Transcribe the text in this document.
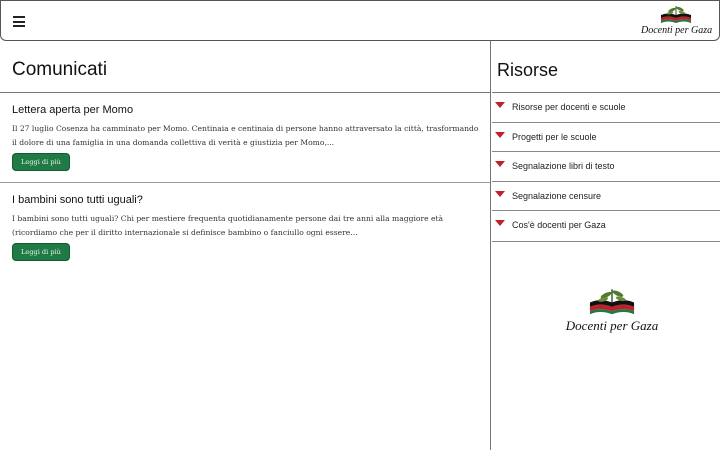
Docenti per Gaza
Comunicati
Lettera aperta per Momo
Il 27 luglio Cosenza ha camminato per Momo. Centinaia e centinaia di persone hanno attraversato la città, trasformando il dolore di una famiglia in una domanda collettiva di verità e giustizia per Momo,...
Leggi di più
I bambini sono tutti uguali?
I bambini sono tutti uguali? Chi per mestiere frequenta quotidianamente persone dai tre anni alla maggiore età (ricordiamo che per il diritto internazionale si definisce bambino o fanciullo ogni essere...
Leggi di più
Risorse
Risorse per docenti e scuole
Progetti per le scuole
Segnalazione libri di testo
Segnalazione censure
Cos'è docenti per Gaza
Docenti per Gaza
